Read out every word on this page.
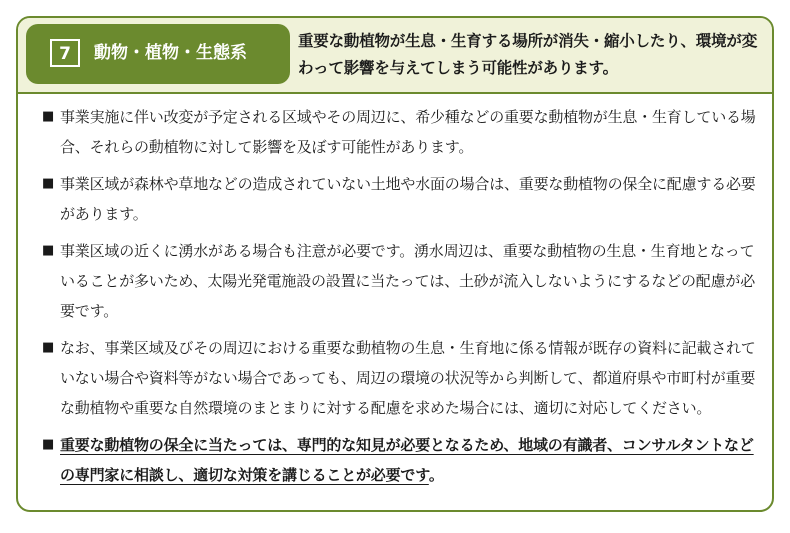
7	動物・植物・生態系
重要な動植物が生息・生育する場所が消失・縮小したり、環境が変わって影響を与えてしまう可能性があります。
■ 事業実施に伴い改変が予定される区域やその周辺に、希少種などの重要な動植物が生息・生育している場合、それらの動植物に対して影響を及ぼす可能性があります。
■ 事業区域が森林や草地などの造成されていない土地や水面の場合は、重要な動植物の保全に配慮する必要があります。
■ 事業区域の近くに湧水がある場合も注意が必要です。湧水周辺は、重要な動植物の生息・生育地となっていることが多いため、太陽光発電施設の設置に当たっては、土砂が流入しないようにするなどの配慮が必要です。
■ なお、事業区域及びその周辺における重要な動植物の生息・生育地に係る情報が既存の資料に記載されていない場合や資料等がない場合であっても、周辺の環境の状況等から判断して、都道府県や市町村が重要な動植物や重要な自然環境のまとまりに対する配慮を求めた場合には、適切に対応してください。
■ 重要な動植物の保全に当たっては、専門的な知見が必要となるため、地域の有識者、コンサルタントなどの専門家に相談し、適切な対策を講じることが必要です。
